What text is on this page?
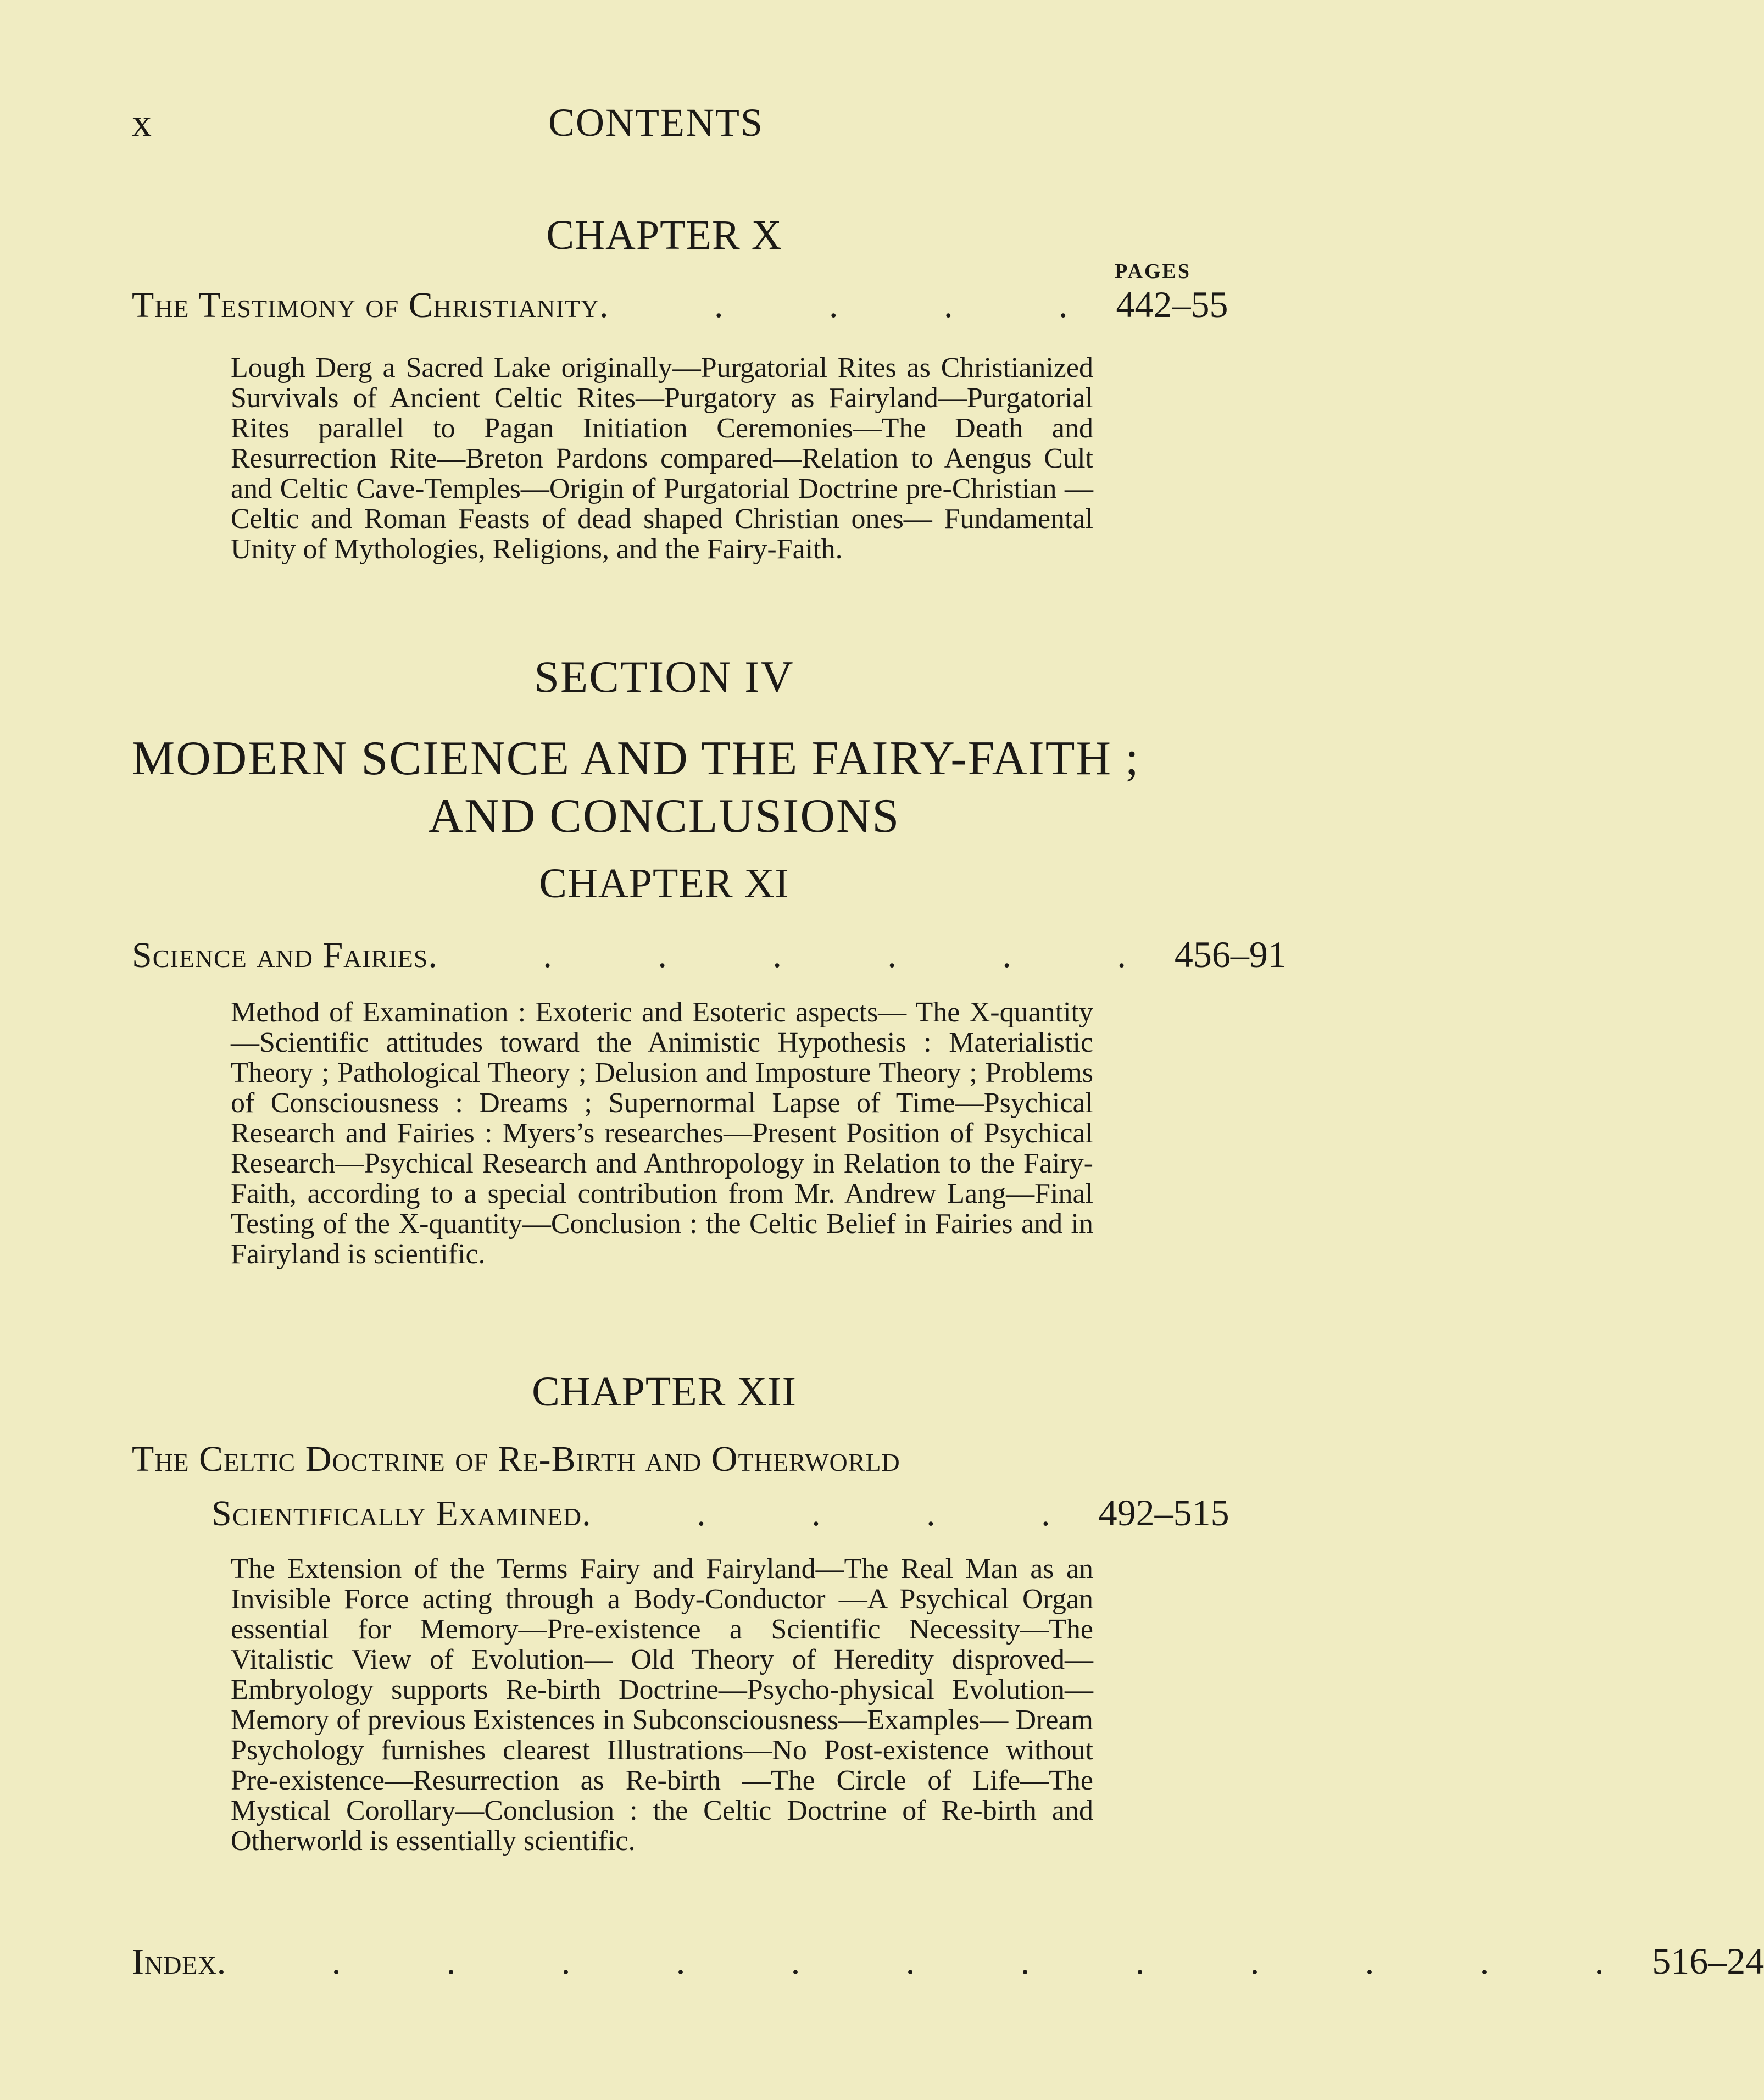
x	CONTENTS
CHAPTER X
PAGES
The Testimony of Christianity . . . . . 442–55
Lough Derg a Sacred Lake originally—Purgatorial Rites as Christianized Survivals of Ancient Celtic Rites—Purgatory as Fairyland—Purgatorial Rites parallel to Pagan Initiation Ceremonies—The Death and Resurrection Rite—Breton Pardons compared—Relation to Aengus Cult and Celtic Cave-Temples—Origin of Purgatorial Doctrine pre-Christian —Celtic and Roman Feasts of dead shaped Christian ones— Fundamental Unity of Mythologies, Religions, and the Fairy-Faith.
SECTION IV
MODERN SCIENCE AND THE FAIRY-FAITH ;
AND CONCLUSIONS
CHAPTER XI
Science and Fairies . . . . . . . 456–91
Method of Examination : Exoteric and Esoteric aspects— The X-quantity—Scientific attitudes toward the Animistic Hypothesis : Materialistic Theory ; Pathological Theory ; Delusion and Imposture Theory ; Problems of Consciousness : Dreams ; Supernormal Lapse of Time—Psychical Research and Fairies : Myers’s researches—Present Position of Psychical Research—Psychical Research and Anthropology in Relation to the Fairy-Faith, according to a special contribution from Mr. Andrew Lang—Final Testing of the X-quantity—Conclusion : the Celtic Belief in Fairies and in Fairyland is scientific.
CHAPTER XII
The Celtic Doctrine of Re-Birth and Otherworld
Scientifically Examined . . . . . 492–515
The Extension of the Terms Fairy and Fairyland—The Real Man as an Invisible Force acting through a Body-Conductor —A Psychical Organ essential for Memory—Pre-existence a Scientific Necessity—The Vitalistic View of Evolution— Old Theory of Heredity disproved—Embryology supports Re-birth Doctrine—Psycho-physical Evolution—Memory of previous Existences in Subconsciousness—Examples— Dream Psychology furnishes clearest Illustrations—No Post-existence without Pre-existence—Resurrection as Re-birth —The Circle of Life—The Mystical Corollary—Conclusion : the Celtic Doctrine of Re-birth and Otherworld is essentially scientific.
Index . . . . . . . . . . . . . 516–24
